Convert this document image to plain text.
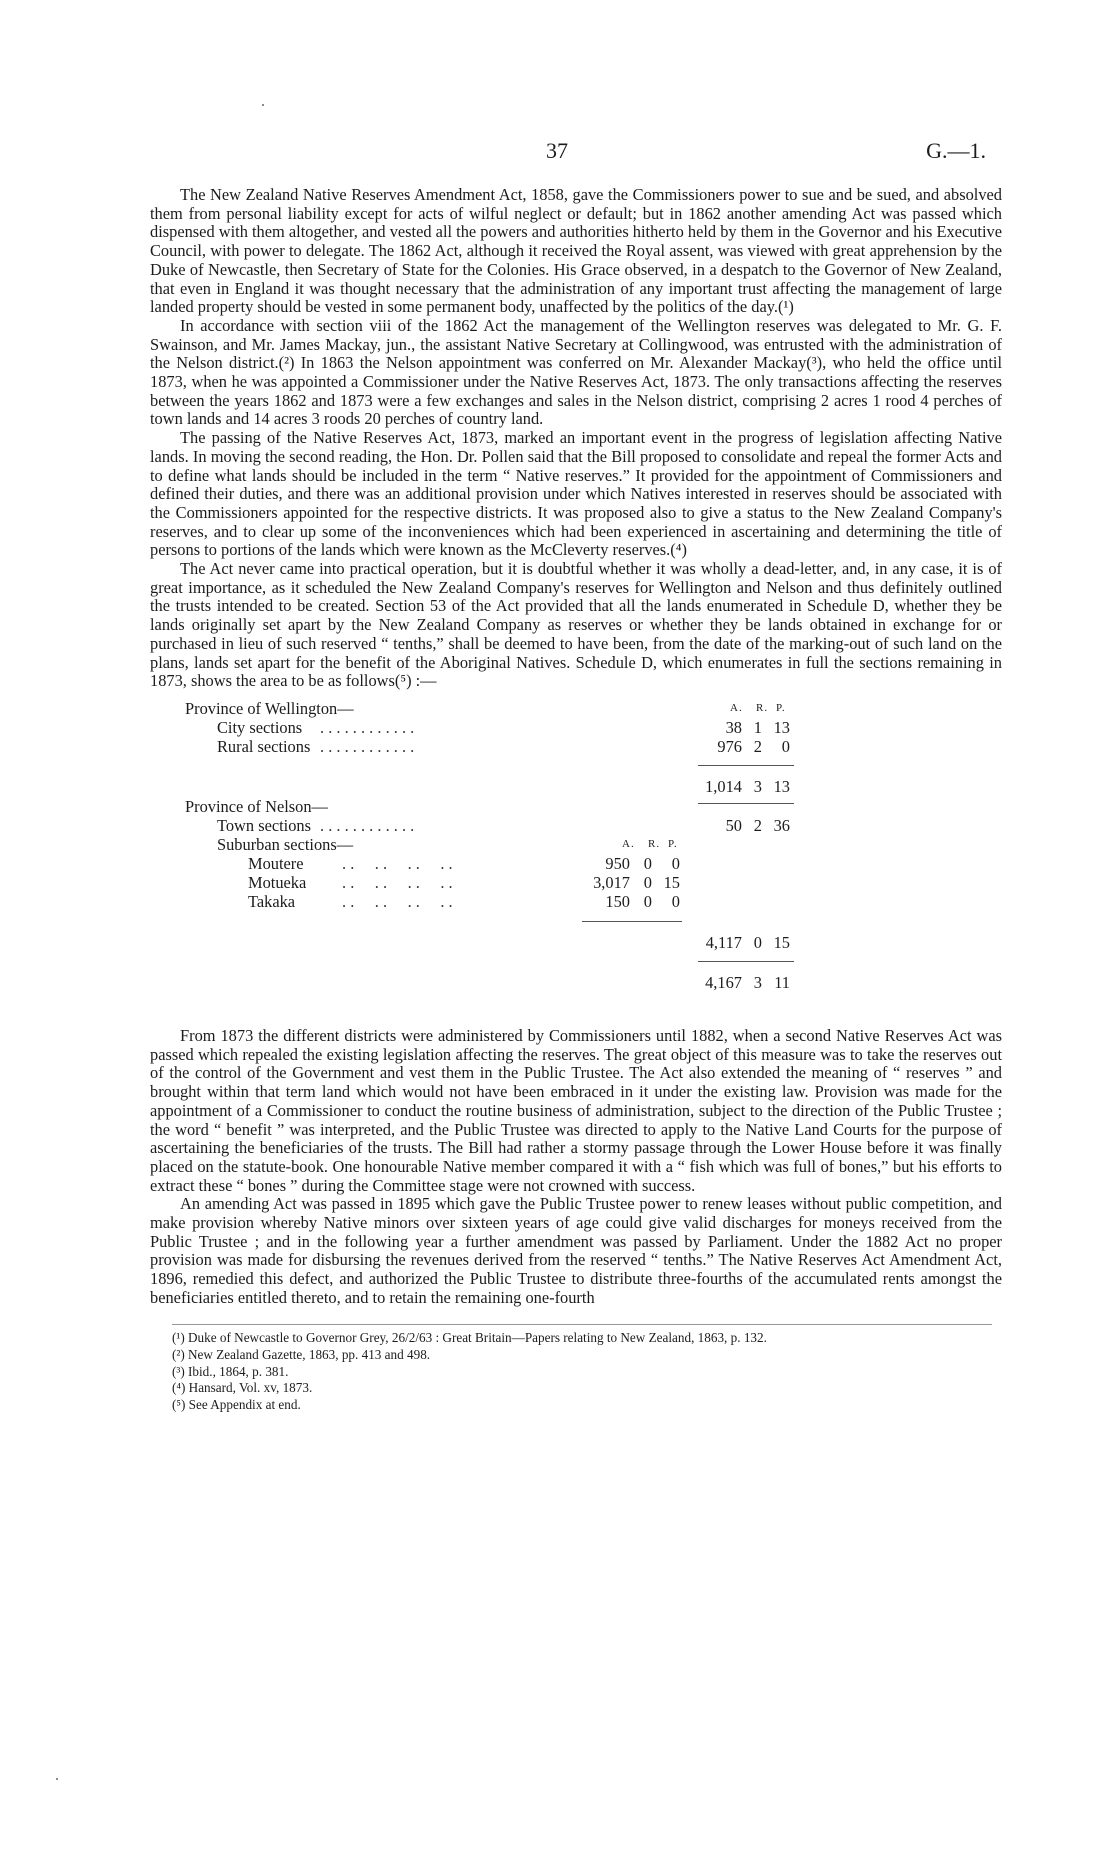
37	G.—1.

The New Zealand Native Reserves Amendment Act, 1858, gave the Commissioners power to sue and be sued, and absolved them from personal liability except for acts of wilful neglect or default; but in 1862 another amending Act was passed which dispensed with them altogether, and vested all the powers and authorities hitherto held by them in the Governor and his Executive Council, with power to delegate. The 1862 Act, although it received the Royal assent, was viewed with great apprehension by the Duke of Newcastle, then Secretary of State for the Colonies. His Grace observed, in a despatch to the Governor of New Zealand, that even in England it was thought necessary that the administration of any important trust affecting the management of large landed property should be vested in some permanent body, unaffected by the politics of the day.(¹)

In accordance with section viii of the 1862 Act the management of the Wellington reserves was delegated to Mr. G. F. Swainson, and Mr. James Mackay, jun., the assistant Native Secretary at Collingwood, was entrusted with the administration of the Nelson district.(²) In 1863 the Nelson appointment was conferred on Mr. Alexander Mackay(³), who held the office until 1873, when he was appointed a Commissioner under the Native Reserves Act, 1873. The only transactions affecting the reserves between the years 1862 and 1873 were a few exchanges and sales in the Nelson district, comprising 2 acres 1 rood 4 perches of town lands and 14 acres 3 roods 20 perches of country land.

The passing of the Native Reserves Act, 1873, marked an important event in the progress of legislation affecting Native lands. In moving the second reading, the Hon. Dr. Pollen said that the Bill proposed to consolidate and repeal the former Acts and to define what lands should be included in the term “ Native reserves.” It provided for the appointment of Commissioners and defined their duties, and there was an additional provision under which Natives interested in reserves should be associated with the Commissioners appointed for the respective districts. It was proposed also to give a status to the New Zealand Company's reserves, and to clear up some of the inconveniences which had been experienced in ascertaining and determining the title of persons to portions of the lands which were known as the McCleverty reserves.(⁴)

The Act never came into practical operation, but it is doubtful whether it was wholly a dead-letter, and, in any case, it is of great importance, as it scheduled the New Zealand Company's reserves for Wellington and Nelson and thus definitely outlined the trusts intended to be created. Section 53 of the Act provided that all the lands enumerated in Schedule D, whether they be lands originally set apart by the New Zealand Company as reserves or whether they be lands obtained in exchange for or purchased in lieu of such reserved “ tenths,” shall be deemed to have been, from the date of the marking-out of such land on the plans, lands set apart for the benefit of the Aboriginal Natives. Schedule D, which enumerates in full the sections remaining in 1873, shows the area to be as follows(⁵) :—

Province of Wellington—	A. R. P.
City sections . . . . . . . . . . . .	38 1 13
Rural sections . . . . . . . . . . . .	976 2	0
1,014 3 13
Province of Nelson—
Town sections . . . . . . . . . . . .	50 2 36
Suburban sections—	A. R. P.
Moutere . .     . .     . .     . .	950 0	0
Motueka . .     . .     . .     . .	3,017 0 15
Takaka	. .     . .     . .     . .	150 0	0
4,117 0 15
4,167 3 11

From 1873 the different districts were administered by Commissioners until 1882, when a second Native Reserves Act was passed which repealed the existing legislation affecting the reserves. The great object of this measure was to take the reserves out of the control of the Government and vest them in the Public Trustee. The Act also extended the meaning of “ reserves ” and brought within that term land which would not have been embraced in it under the existing law. Provision was made for the appointment of a Commissioner to conduct the routine business of administration, subject to the direction of the Public Trustee ; the word “ benefit ” was interpreted, and the Public Trustee was directed to apply to the Native Land Courts for the purpose of ascertaining the beneficiaries of the trusts. The Bill had rather a stormy passage through the Lower House before it was finally placed on the statute-book. One honourable Native member compared it with a “ fish which was full of bones,” but his efforts to extract these “ bones ” during the Committee stage were not crowned with success.

An amending Act was passed in 1895 which gave the Public Trustee power to renew leases without public competition, and make provision whereby Native minors over sixteen years of age could give valid discharges for moneys received from the Public Trustee ; and in the following year a further amendment was passed by Parliament. Under the 1882 Act no proper provision was made for disbursing the revenues derived from the reserved “ tenths.” The Native Reserves Act Amendment Act, 1896, remedied this defect, and authorized the Public Trustee to distribute three-fourths of the accumulated rents amongst the beneficiaries entitled thereto, and to retain the remaining one-fourth

(¹) Duke of Newcastle to Governor Grey, 26/2/63 : Great Britain—Papers relating to New Zealand, 1863, p. 132.
(²) New Zealand Gazette, 1863, pp. 413 and 498.
(³) Ibid., 1864, p. 381.
(⁴) Hansard, Vol. xv, 1873.
(⁵) See Appendix at end.
